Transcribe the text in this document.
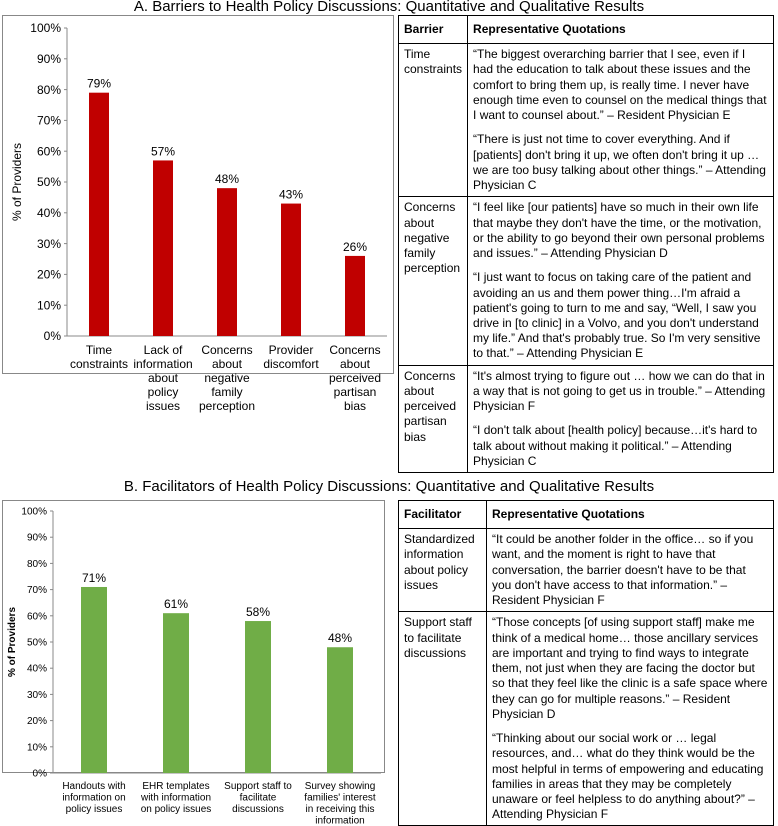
A. Barriers to Health Policy Discussions: Quantitative and Qualitative Results
0%
10%
20%
30%
40%
50%
60%
70%
80%
90%
100%
% of Providers
79%
Time constraints
57%
Lack of information about policy issues
48%
Concerns about negative family perception
43%
Provider discomfort
26%
Concerns about perceived partisan bias
Barrier	Representative Quotations
Time constraints	“The biggest overarching barrier that I see, even if I had the education to talk about these issues and the comfort to bring them up, is really time. I never have enough time even to counsel on the medical things that I want to counsel about.” – Resident Physician E

“There is just not time to cover everything. And if [patients] don't bring it up, we often don't bring it up … we are too busy talking about other things.” – Attending Physician C

Concerns about negative family perception	“I feel like [our patients] have so much in their own life that maybe they don't have the time, or the motivation, or the ability to go beyond their own personal problems and issues.” – Attending Physician D

“I just want to focus on taking care of the patient and avoiding an us and them power thing…I'm afraid a patient's going to turn to me and say, “Well, I saw you drive in [to clinic] in a Volvo, and you don't understand my life.” And that's probably true. So I'm very sensitive to that.” – Attending Physician E

Concerns about perceived partisan bias	“It's almost trying to figure out … how we can do that in a way that is not going to get us in trouble.” – Attending Physician F

“I don't talk about [health policy] because…it's hard to talk about without making it political.” – Attending Physician C

B. Facilitators of Health Policy Discussions: Quantitative and Qualitative Results
0%
10%
20%
30%
40%
50%
60%
70%
80%
90%
100%
% of Providers
71%
Handouts with information on policy issues
61%
EHR templates with information on policy issues
58%
Support staff to facilitate discussions
48%
Survey showing families' interest in receiving this information
Facilitator	Representative Quotations
Standardized information about policy issues	“It could be another folder in the office… so if you want, and the moment is right to have that conversation, the barrier doesn't have to be that you don't have access to that information.” – Resident Physician F

Support staff to facilitate discussions	“Those concepts [of using support staff] make me think of a medical home… those ancillary services are important and trying to find ways to integrate them, not just when they are facing the doctor but so that they feel like the clinic is a safe space where they can go for multiple reasons.” – Resident Physician D

“Thinking about our social work or … legal resources, and… what do they think would be the most helpful in terms of empowering and educating families in areas that they may be completely unaware or feel helpless to do anything about?” – Attending Physician F
